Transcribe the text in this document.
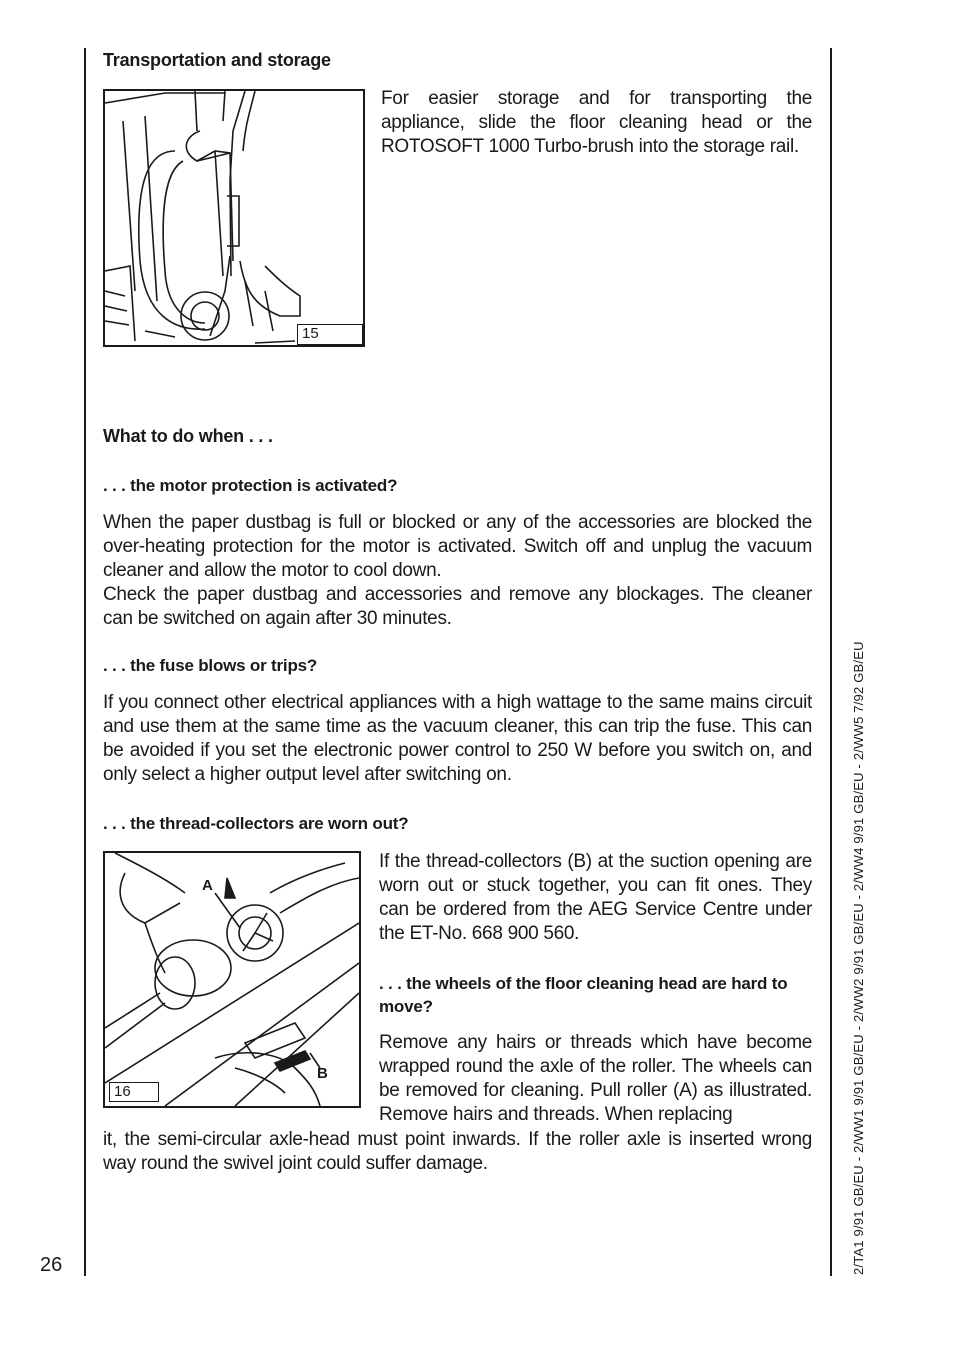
Transportation and storage
15

For easier storage and for transporting the appliance, slide the floor cleaning head or the ROTOSOFT 1000 Turbo-brush into the storage rail.

What to do when . . .
. . . the motor protection is activated?

When the paper dustbag is full or blocked or any of the accessories are blocked the over-heating protection for the motor is activated. Switch off and unplug the vacuum cleaner and allow the motor to cool down.

Check the paper dustbag and accessories and remove any blockages. The cleaner can be switched on again after 30 minutes.

. . . the fuse blows or trips?

If you connect other electrical appliances with a high wattage to the same mains circuit and use them at the same time as the vacuum cleaner, this can trip the fuse. This can be avoided if you set the electronic power control to 250 W before you switch on, and only select a higher output level after switching on.

. . . the thread-collectors are worn out?
A
B
16

If the thread-collectors (B) at the suction opening are worn out or stuck together, you can fit ones. They can be ordered from the AEG Service Centre under the ET-No. 668 900 560.

. . . the wheels of the floor cleaning head are hard to move?

Remove any hairs or threads which have become wrapped round the axle of the roller. The wheels can be removed for cleaning. Pull roller (A) as illustrated. Remove hairs and threads. When replacing

it, the semi-circular axle-head must point inwards. If the roller axle is inserted wrong way round the swivel joint could suffer damage.

26	2/TA1 9/91 GB/EU - 2/WW1 9/91 GB/EU - 2/WW2 9/91 GB/EU - 2/WW4 9/91 GB/EU - 2/WW5 7/92 GB/EU
